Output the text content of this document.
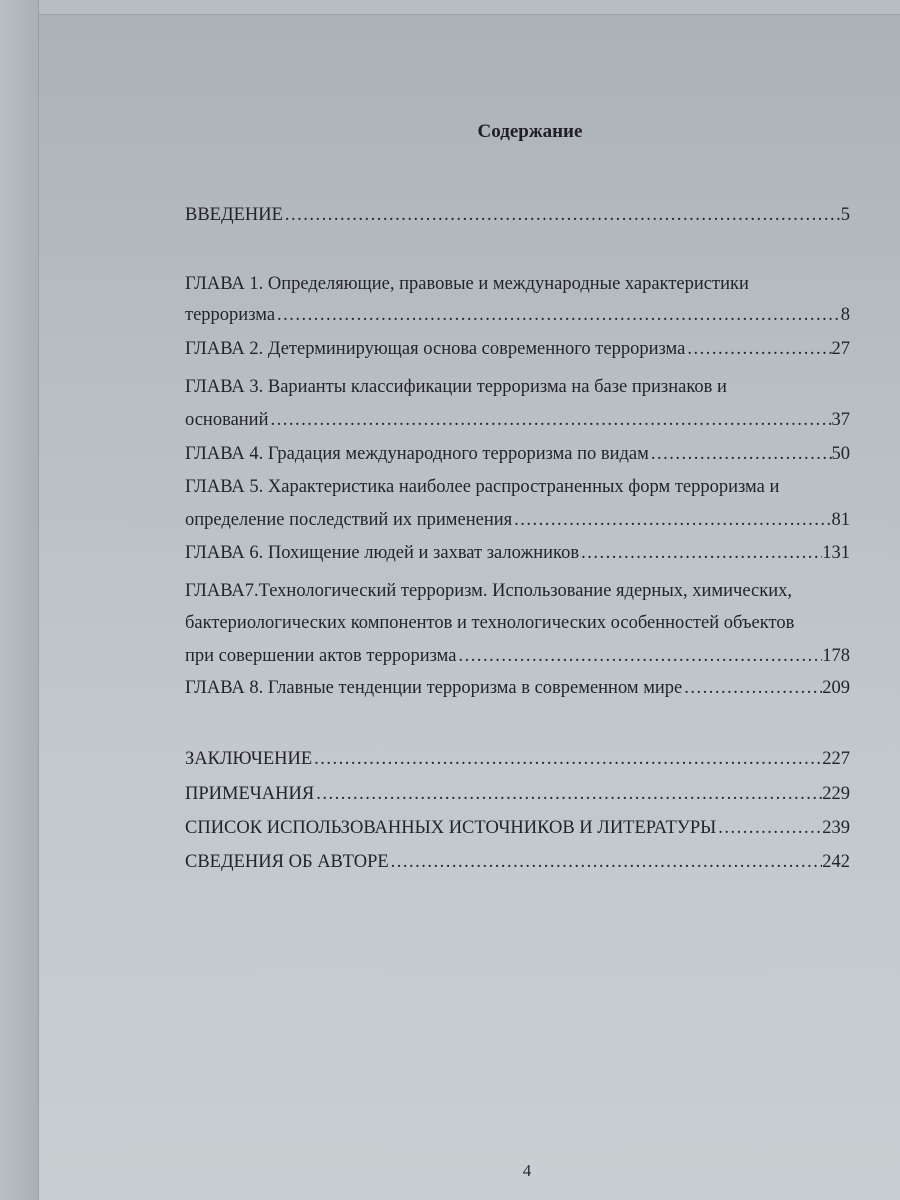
Содержание
ВВЕДЕНИЕ .....	5
ГЛАВА 1. Определяющие, правовые и международные характеристики
терроризма .....	8
ГЛАВА 2. Детерминирующая основа современного терроризма .....	27
ГЛАВА 3. Варианты классификации терроризма на базе признаков и
оснований .....	37
ГЛАВА 4. Градация международного терроризма по видам .....	50
ГЛАВА 5. Характеристика наиболее распространенных форм терроризма и
определение последствий их применения .....	81
ГЛАВА 6. Похищение людей и захват заложников .....	131
ГЛАВА7.Технологический терроризм. Использование ядерных, химических,
бактериологических компонентов и технологических особенностей объектов
при совершении актов терроризма .....	178
ГЛАВА 8. Главные тенденции терроризма в современном мире .....	209
ЗАКЛЮЧЕНИЕ .....	227
ПРИМЕЧАНИЯ .....	229
СПИСОК ИСПОЛЬЗОВАННЫХ ИСТОЧНИКОВ И ЛИТЕРАТУРЫ .....	239
СВЕДЕНИЯ ОБ АВТОРЕ .....	242
4
